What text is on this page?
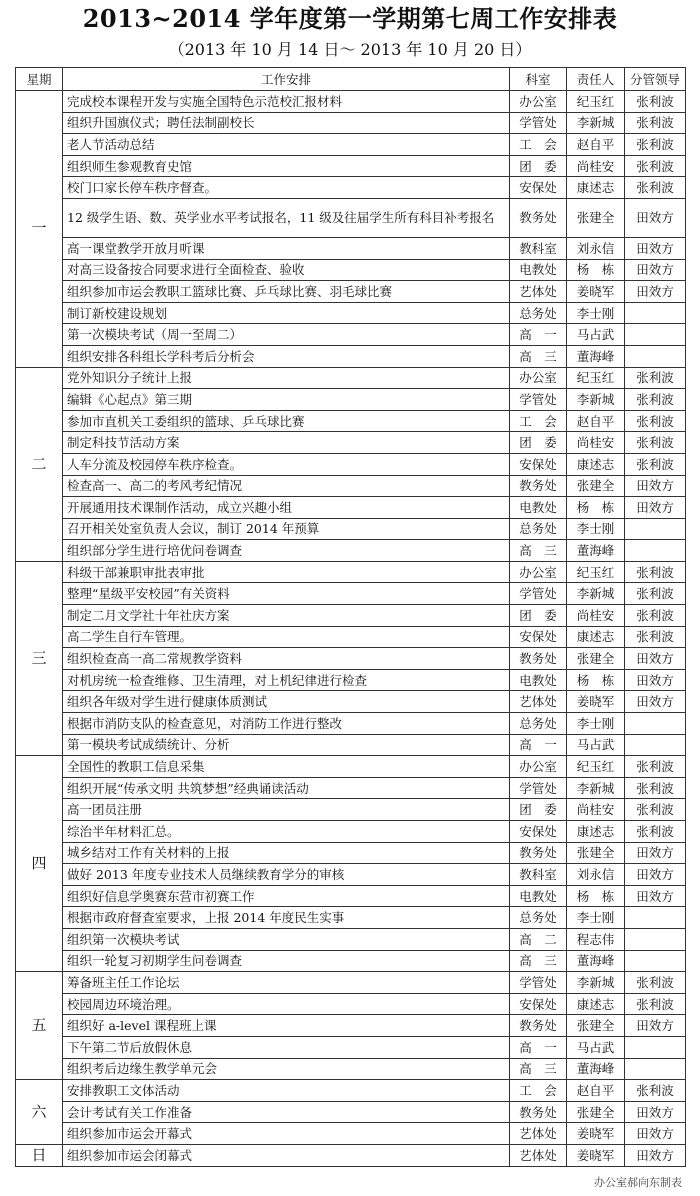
2013~2014 学年度第一学期第七周工作安排表
（2013 年 10 月 14 日～ 2013 年 10 月 20 日）
星期	工作安排	科室	责任人	分管领导
一	完成校本课程开发与实施全国特色示范校汇报材料	办公室	纪玉红	张利波
	组织升国旗仪式；聘任法制副校长	学管处	李新城	张利波
	老人节活动总结	工　会	赵自平	张利波
	组织师生参观教育史馆	团　委	尚桂安	张利波
	校门口家长停车秩序督查。	安保处	康述志	张利波
	12 级学生语、数、英学业水平考试报名，11 级及往届学生所有科目补考报名	教务处	张建全	田效方
	高一课堂教学开放月听课	教科室	刘永信	田效方
	对高三设备按合同要求进行全面检查、验收	电教处	杨　栋	田效方
	组织参加市运会教职工篮球比赛、乒乓球比赛、羽毛球比赛	艺体处	姜晓军	田效方
	制订新校建设规划	总务处	李士刚	
	第一次模块考试（周一至周二）	高　一	马占武	
	组织安排各科组长学科考后分析会	高　三	董海峰	
二	党外知识分子统计上报	办公室	纪玉红	张利波
	编辑《心起点》第三期	学管处	李新城	张利波
	参加市直机关工委组织的篮球、乒乓球比赛	工　会	赵自平	张利波
	制定科技节活动方案	团　委	尚桂安	张利波
	人车分流及校园停车秩序检查。	安保处	康述志	张利波
	检查高一、高二的考风考纪情况	教务处	张建全	田效方
	开展通用技术课制作活动，成立兴趣小组	电教处	杨　栋	田效方
	召开相关处室负责人会议，制订 2014 年预算	总务处	李士刚	
	组织部分学生进行培优问卷调查	高　三	董海峰	
三	科级干部兼职审批表审批	办公室	纪玉红	张利波
	整理“星级平安校园”有关资料	学管处	李新城	张利波
	制定二月文学社十年社庆方案	团　委	尚桂安	张利波
	高二学生自行车管理。	安保处	康述志	张利波
	组织检查高一高二常规教学资料	教务处	张建全	田效方
	对机房统一检查维修、卫生清理，对上机纪律进行检查	电教处	杨　栋	田效方
	组织各年级对学生进行健康体质测试	艺体处	姜晓军	田效方
	根据市消防支队的检查意见，对消防工作进行整改	总务处	李士刚	
	第一模块考试成绩统计、分析	高　一	马占武	
四	全国性的教职工信息采集	办公室	纪玉红	张利波
	组织开展“传承文明 共筑梦想”经典诵读活动	学管处	李新城	张利波
	高一团员注册	团　委	尚桂安	张利波
	综治半年材料汇总。	安保处	康述志	张利波
	城乡结对工作有关材料的上报	教务处	张建全	田效方
	做好 2013 年度专业技术人员继续教育学分的审核	教科室	刘永信	田效方
	组织好信息学奥赛东营市初赛工作	电教处	杨　栋	田效方
	根据市政府督查室要求，上报 2014 年度民生实事	总务处	李士刚	
	组织第一次模块考试	高　二	程志伟	
	组织一轮复习初期学生问卷调查	高　三	董海峰	
五	筹备班主任工作论坛	学管处	李新城	张利波
	校园周边环境治理。	安保处	康述志	张利波
	组织好 a-level 课程班上课	教务处	张建全	田效方
	下午第二节后放假休息	高　一	马占武	
	组织考后边缘生教学单元会	高　三	董海峰	
六	安排教职工文体活动	工　会	赵自平	张利波
	会计考试有关工作准备	教务处	张建全	田效方
	组织参加市运会开幕式	艺体处	姜晓军	田效方
日	组织参加市运会闭幕式	艺体处	姜晓军	田效方
办公室郝向东制表
